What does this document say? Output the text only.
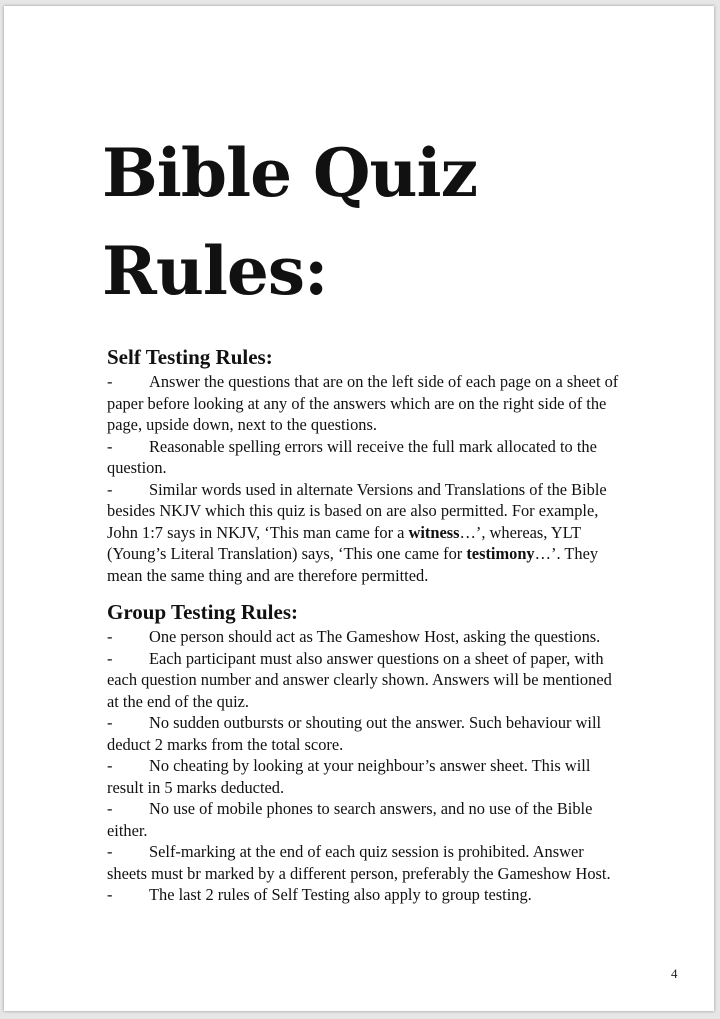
Bible Quiz
Rules:
Self Testing Rules:

- Answer the questions that are on the left side of each page on a sheet of paper before looking at any of the answers which are on the right side of the page, upside down, next to the questions.

- Reasonable spelling errors will receive the full mark allocated to the question.

- Similar words used in alternate Versions and Translations of the Bible besides NKJV which this quiz is based on are also permitted. For example, John 1:7 says in NKJV, ‘This man came for a witness…’, whereas, YLT (Young’s Literal Translation) says, ‘This one came for testimony…’. They mean the same thing and are therefore permitted.

Group Testing Rules:

- One person should act as The Gameshow Host, asking the questions.

- Each participant must also answer questions on a sheet of paper, with each question number and answer clearly shown. Answers will be mentioned at the end of the quiz.

- No sudden outbursts or shouting out the answer. Such behaviour will deduct 2 marks from the total score.

- No cheating by looking at your neighbour’s answer sheet. This will result in 5 marks deducted.

- No use of mobile phones to search answers, and no use of the Bible either.

- Self-marking at the end of each quiz session is prohibited. Answer sheets must br marked by a different person, preferably the Gameshow Host.

- The last 2 rules of Self Testing also apply to group testing.

4
